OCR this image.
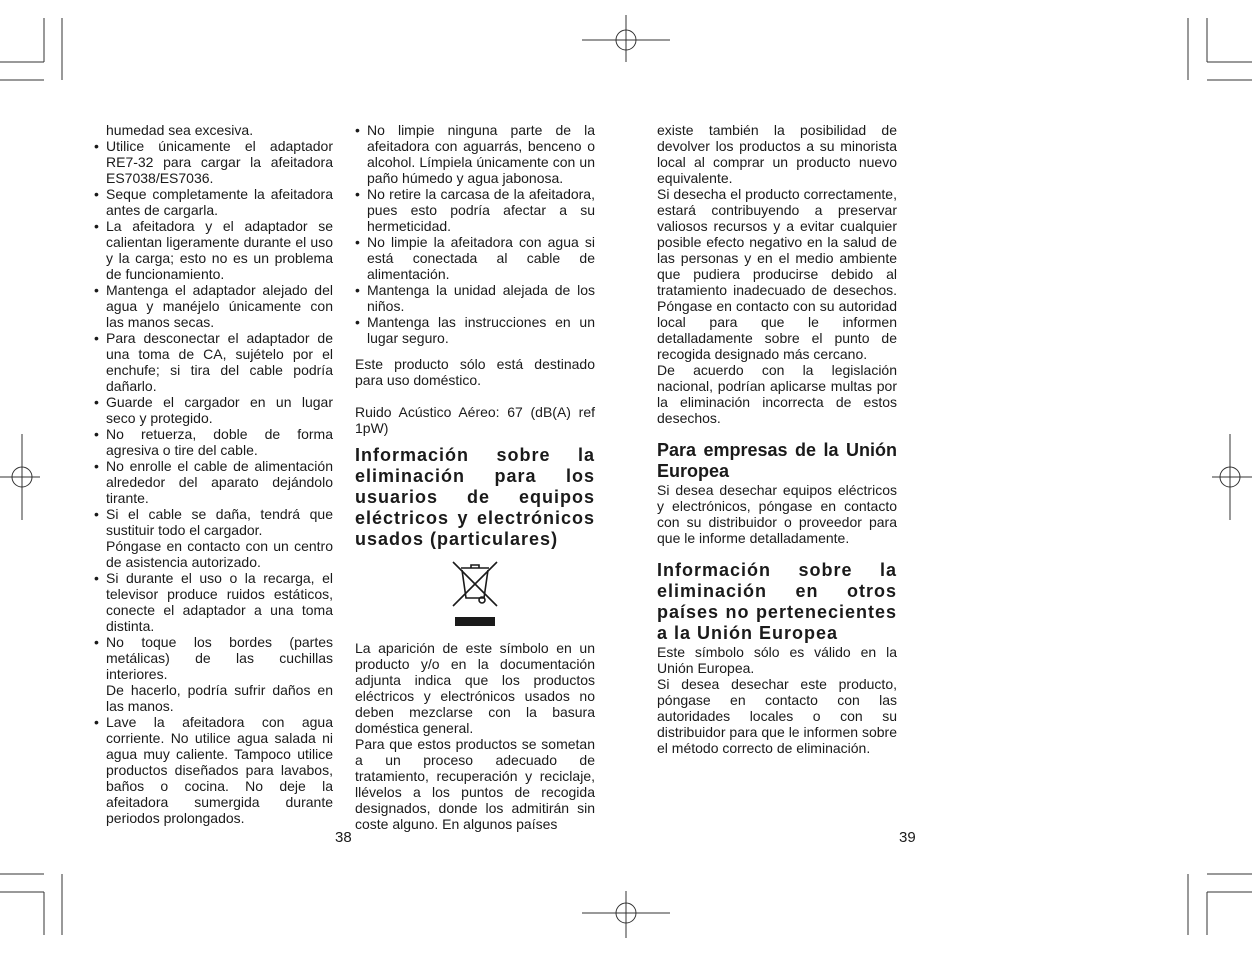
humedad sea excesiva.
• Utilice únicamente el adaptador RE7-32 para cargar la afeitadora ES7038/ES7036.
• Seque completamente la afeitadora antes de cargarla.
• La afeitadora y el adaptador se calientan ligeramente durante el uso y la carga; esto no es un problema de funcionamiento.
• Mantenga el adaptador alejado del agua y manéjelo únicamente con las manos secas.
• Para desconectar el adaptador de una toma de CA, sujételo por el enchufe; si tira del cable podría dañarlo.
• Guarde el cargador en un lugar seco y protegido.
• No retuerza, doble de forma agresiva o tire del cable.
• No enrolle el cable de alimentación alrededor del aparato dejándolo tirante.
• Si el cable se daña, tendrá que sustituir todo el cargador.
Póngase en contacto con un centro de asistencia autorizado.
• Si durante el uso o la recarga, el televisor produce ruidos estáticos, conecte el adaptador a una toma distinta.
• No toque los bordes (partes metálicas) de las cuchillas interiores.
De hacerlo, podría sufrir daños en las manos.
• Lave la afeitadora con agua corriente. No utilice agua salada ni agua muy caliente. Tampoco utilice productos diseñados para lavabos, baños o cocina. No deje la afeitadora sumergida durante periodos prolongados.
• No limpie ninguna parte de la afeitadora con aguarrás, benceno o alcohol. Límpiela únicamente con un paño húmedo y agua jabonosa.
• No retire la carcasa de la afeitadora, pues esto podría afectar a su hermeticidad.
• No limpie la afeitadora con agua si está conectada al cable de alimentación.
• Mantenga la unidad alejada de los niños.
• Mantenga las instrucciones en un lugar seguro.

Este producto sólo está destinado para uso doméstico.

Ruido Acústico Aéreo: 67 (dB(A) ref 1pW)

Información sobre la eliminación para los usuarios de equipos eléctricos y electrónicos usados (particulares)

La aparición de este símbolo en un producto y/o en la documentación adjunta indica que los productos eléctricos y electrónicos usados no deben mezclarse con la basura doméstica general.

Para que estos productos se sometan a un proceso adecuado de tratamiento, recuperación y reciclaje, llévelos a los puntos de recogida designados, donde los admitirán sin coste alguno. En algunos países

existe también la posibilidad de devolver los productos a su minorista local al comprar un producto nuevo equivalente.

Si desecha el producto correctamente, estará contribuyendo a preservar valiosos recursos y a evitar cualquier posible efecto negativo en la salud de las personas y en el medio ambiente que pudiera producirse debido al tratamiento inadecuado de desechos. Póngase en contacto con su autoridad local para que le informen detalladamente sobre el punto de recogida designado más cercano.

De acuerdo con la legislación nacional, podrían aplicarse multas por la eliminación incorrecta de estos desechos.

Para empresas de la Unión Europea

Si desea desechar equipos eléctricos y electrónicos, póngase en contacto con su distribuidor o proveedor para que le informe detalladamente.

Información sobre la eliminación en otros países no pertenecientes a la Unión Europea

Este símbolo sólo es válido en la Unión Europea.

Si desea desechar este producto, póngase en contacto con las autoridades locales o con su distribuidor para que le informen sobre el método correcto de eliminación.

38	39
